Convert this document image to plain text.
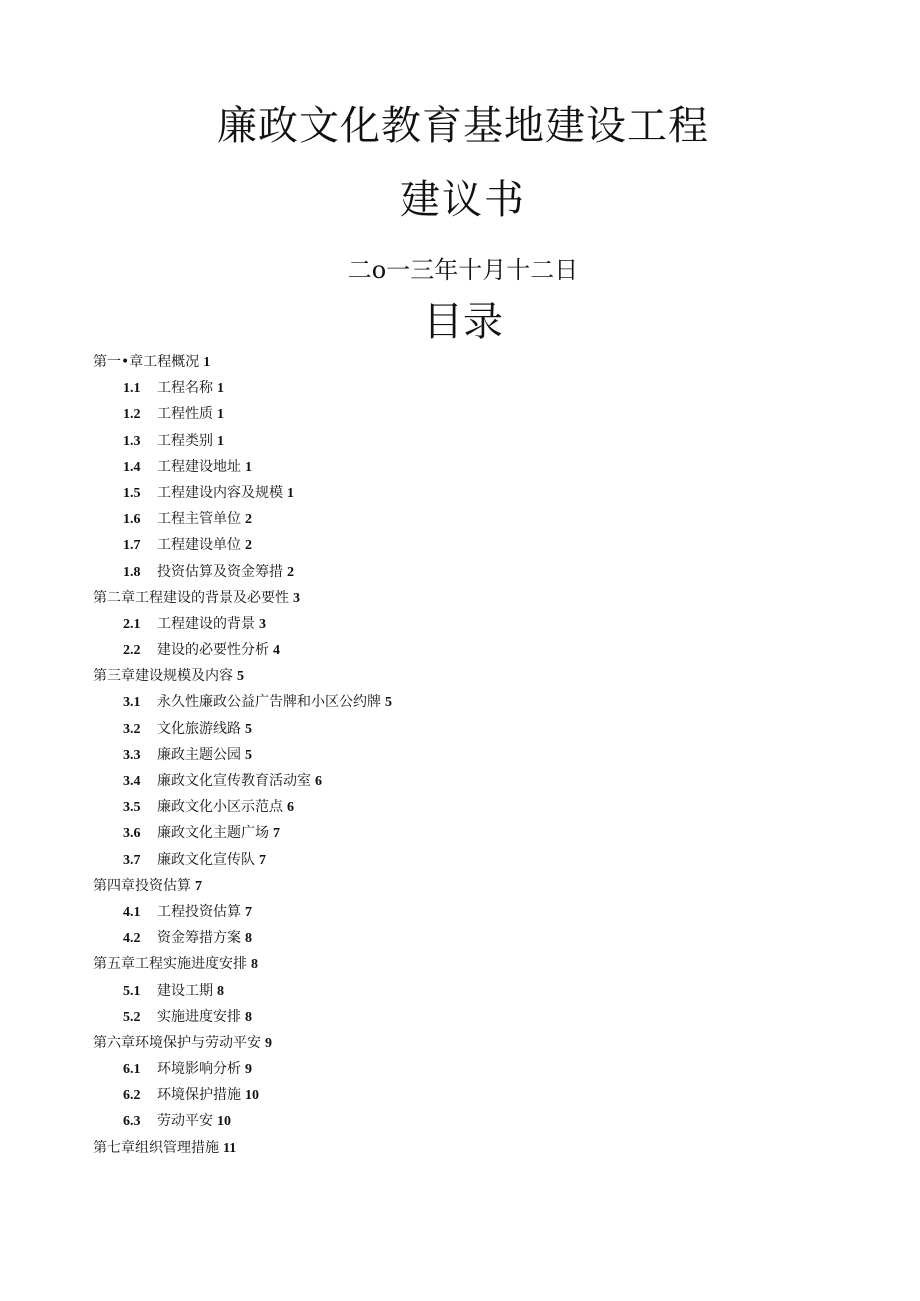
廉政文化教育基地建设工程
建议书
二o一三年十月十二日
目录
第一•章工程概况 1
1.1 工程名称 1
1.2 工程性质 1
1.3 工程类别 1
1.4 工程建设地址 1
1.5 工程建设内容及规模 1
1.6 工程主管单位 2
1.7 工程建设单位 2
1.8 投资估算及资金筹措 2
第二章工程建设的背景及必要性 3
2.1 工程建设的背景 3
2.2 建设的必要性分析 4
第三章建设规模及内容 5
3.1 永久性廉政公益广告牌和小区公约牌 5
3.2 文化旅游线路 5
3.3 廉政主题公园 5
3.4 廉政文化宣传教育活动室 6
3.5 廉政文化小区示范点 6
3.6 廉政文化主题广场 7
3.7 廉政文化宣传队 7
第四章投资估算 7
4.1 工程投资估算 7
4.2 资金筹措方案 8
第五章工程实施进度安排 8
5.1 建设工期 8
5.2 实施进度安排 8
第六章环境保护与劳动平安 9
6.1 环境影响分析 9
6.2 环境保护措施 10
6.3 劳动平安 10
第七章组织管理措施 11
